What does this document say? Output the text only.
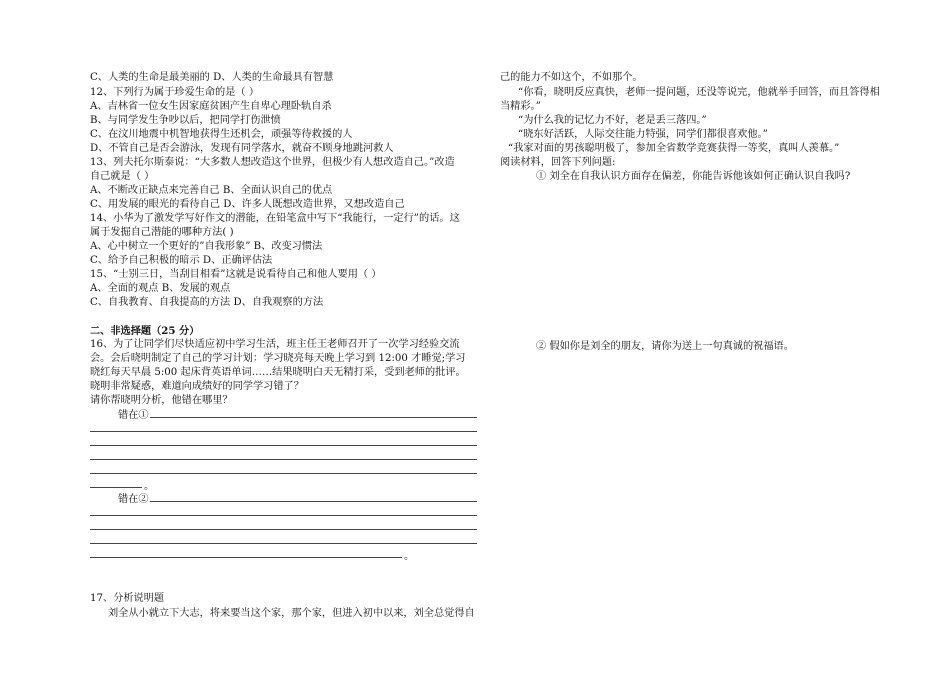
C、人类的生命是最美丽的 D、人类的生命最具有智慧
12、下列行为属于珍爱生命的是（ ）
A、吉林省一位女生因家庭贫困产生自卑心理卧轨自杀
B、与同学发生争吵以后，把同学打伤泄愤
C、在汶川地震中机智地获得生还机会，顽强等待救援的人
D、不管自己是否会游泳，发现有同学落水，就奋不顾身地跳河救人
13、列夫托尔斯泰说：“大多数人想改造这个世界，但极少有人想改造自己。”改造
自己就是（ ）
A、不断改正缺点来完善自己 B、全面认识自己的优点
C、用发展的眼光的看待自己 D、许多人既想改造世界，又想改造自己
14、小华为了激发学写好作文的潜能，在铅笔盒中写下“我能行，一定行”的话。这
属于发掘自己潜能的哪种方法( )
A、心中树立一个更好的”自我形象” B、改变习惯法
C、给予自己积极的暗示 D、正确评估法
15、“士别三日，当刮目相看”这就是说看待自己和他人要用（ ）
A、全面的观点 B、发展的观点
C、自我教育、自我提高的方法 D、自我观察的方法
二、非选择题（25 分）
16、为了让同学们尽快适应初中学习生活，班主任王老师召开了一次学习经验交流
会。会后晓明制定了自己的学习计划：学习晓亮每天晚上学习到 12:00 才睡觉;学习
晓红每天早晨 5:00 起床背英语单词……结果晓明白天无精打采，受到老师的批评。
晓明非常疑惑，难道向成绩好的同学学习错了？
请你帮晓明分析，他错在哪里？
错在①
。
错在②
。
17、分析说明题
刘全从小就立下大志，将来要当这个家，那个家，但进入初中以来，刘全总觉得自
己的能力不如这个，不如那个。
“你看，晓明反应真快，老师一提问题，还没等说完，他就举手回答，而且答得相
当精彩。”
“为什么我的记忆力不好，老是丢三落四。”
“晓东好活跃，人际交往能力特强，同学们都很喜欢他。”
“我家对面的男孩聪明极了，参加全省数学竞赛获得一等奖，真叫人羡慕。”
阅读材料，回答下列问题:
① 刘全在自我认识方面存在偏差，你能告诉他该如何正确认识自我吗?
② 假如你是刘全的朋友，请你为送上一句真诚的祝福语。
